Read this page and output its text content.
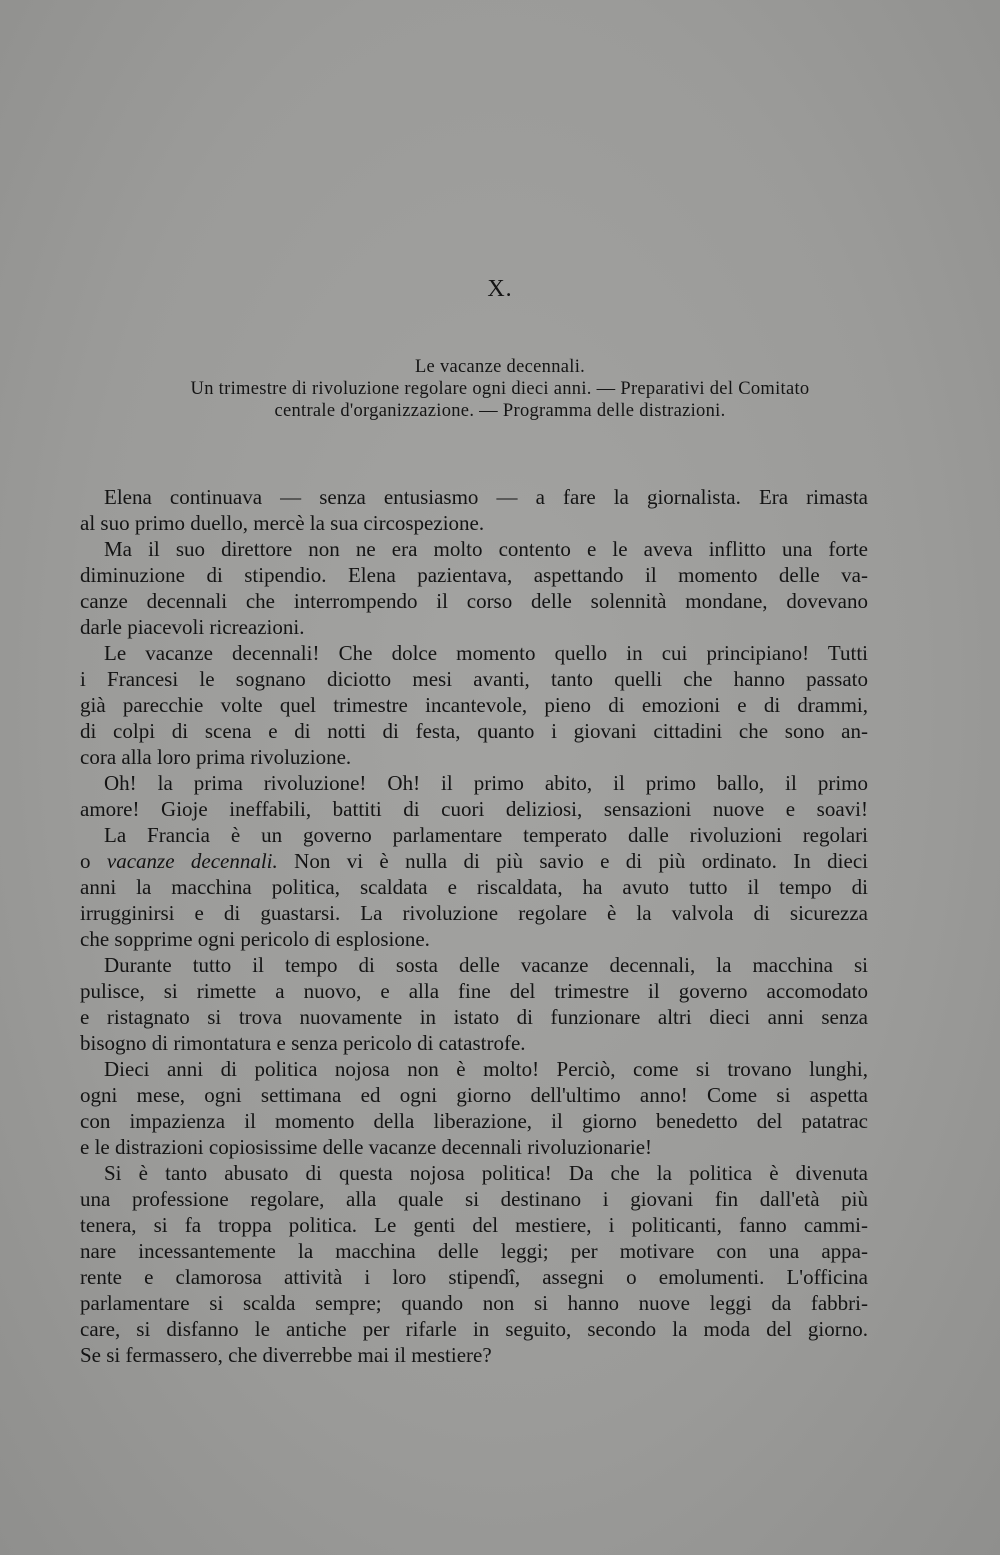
X.
Le vacanze decennali.
Un trimestre di rivoluzione regolare ogni dieci anni. — Preparativi del Comitato
centrale d'organizzazione. — Programma delle distrazioni.
Elena continuava — senza entusiasmo — a fare la giornalista. Era rimasta
al suo primo duello, mercè la sua circospezione.
Ma il suo direttore non ne era molto contento e le aveva inflitto una forte
diminuzione di stipendio. Elena pazientava, aspettando il momento delle va-
canze decennali che interrompendo il corso delle solennità mondane, dovevano
darle piacevoli ricreazioni.
Le vacanze decennali! Che dolce momento quello in cui principiano! Tutti
i Francesi le sognano diciotto mesi avanti, tanto quelli che hanno passato
già parecchie volte quel trimestre incantevole, pieno di emozioni e di drammi,
di colpi di scena e di notti di festa, quanto i giovani cittadini che sono an-
cora alla loro prima rivoluzione.
Oh! la prima rivoluzione! Oh! il primo abito, il primo ballo, il primo
amore! Gioje ineffabili, battiti di cuori deliziosi, sensazioni nuove e soavi!
La Francia è un governo parlamentare temperato dalle rivoluzioni regolari
o vacanze decennali. Non vi è nulla di più savio e di più ordinato. In dieci
anni la macchina politica, scaldata e riscaldata, ha avuto tutto il tempo di
irrugginirsi e di guastarsi. La rivoluzione regolare è la valvola di sicurezza
che sopprime ogni pericolo di esplosione.
Durante tutto il tempo di sosta delle vacanze decennali, la macchina si
pulisce, si rimette a nuovo, e alla fine del trimestre il governo accomodato
e ristagnato si trova nuovamente in istato di funzionare altri dieci anni senza
bisogno di rimontatura e senza pericolo di catastrofe.
Dieci anni di politica nojosa non è molto! Perciò, come si trovano lunghi,
ogni mese, ogni settimana ed ogni giorno dell'ultimo anno! Come si aspetta
con impazienza il momento della liberazione, il giorno benedetto del patatrac
e le distrazioni copiosissime delle vacanze decennali rivoluzionarie!
Si è tanto abusato di questa nojosa politica! Da che la politica è divenuta
una professione regolare, alla quale si destinano i giovani fin dall'età più
tenera, si fa troppa politica. Le genti del mestiere, i politicanti, fanno cammi-
nare incessantemente la macchina delle leggi; per motivare con una appa-
rente e clamorosa attività i loro stipendî, assegni o emolumenti. L'officina
parlamentare si scalda sempre; quando non si hanno nuove leggi da fabbri-
care, si disfanno le antiche per rifarle in seguito, secondo la moda del giorno.
Se si fermassero, che diverrebbe mai il mestiere?
